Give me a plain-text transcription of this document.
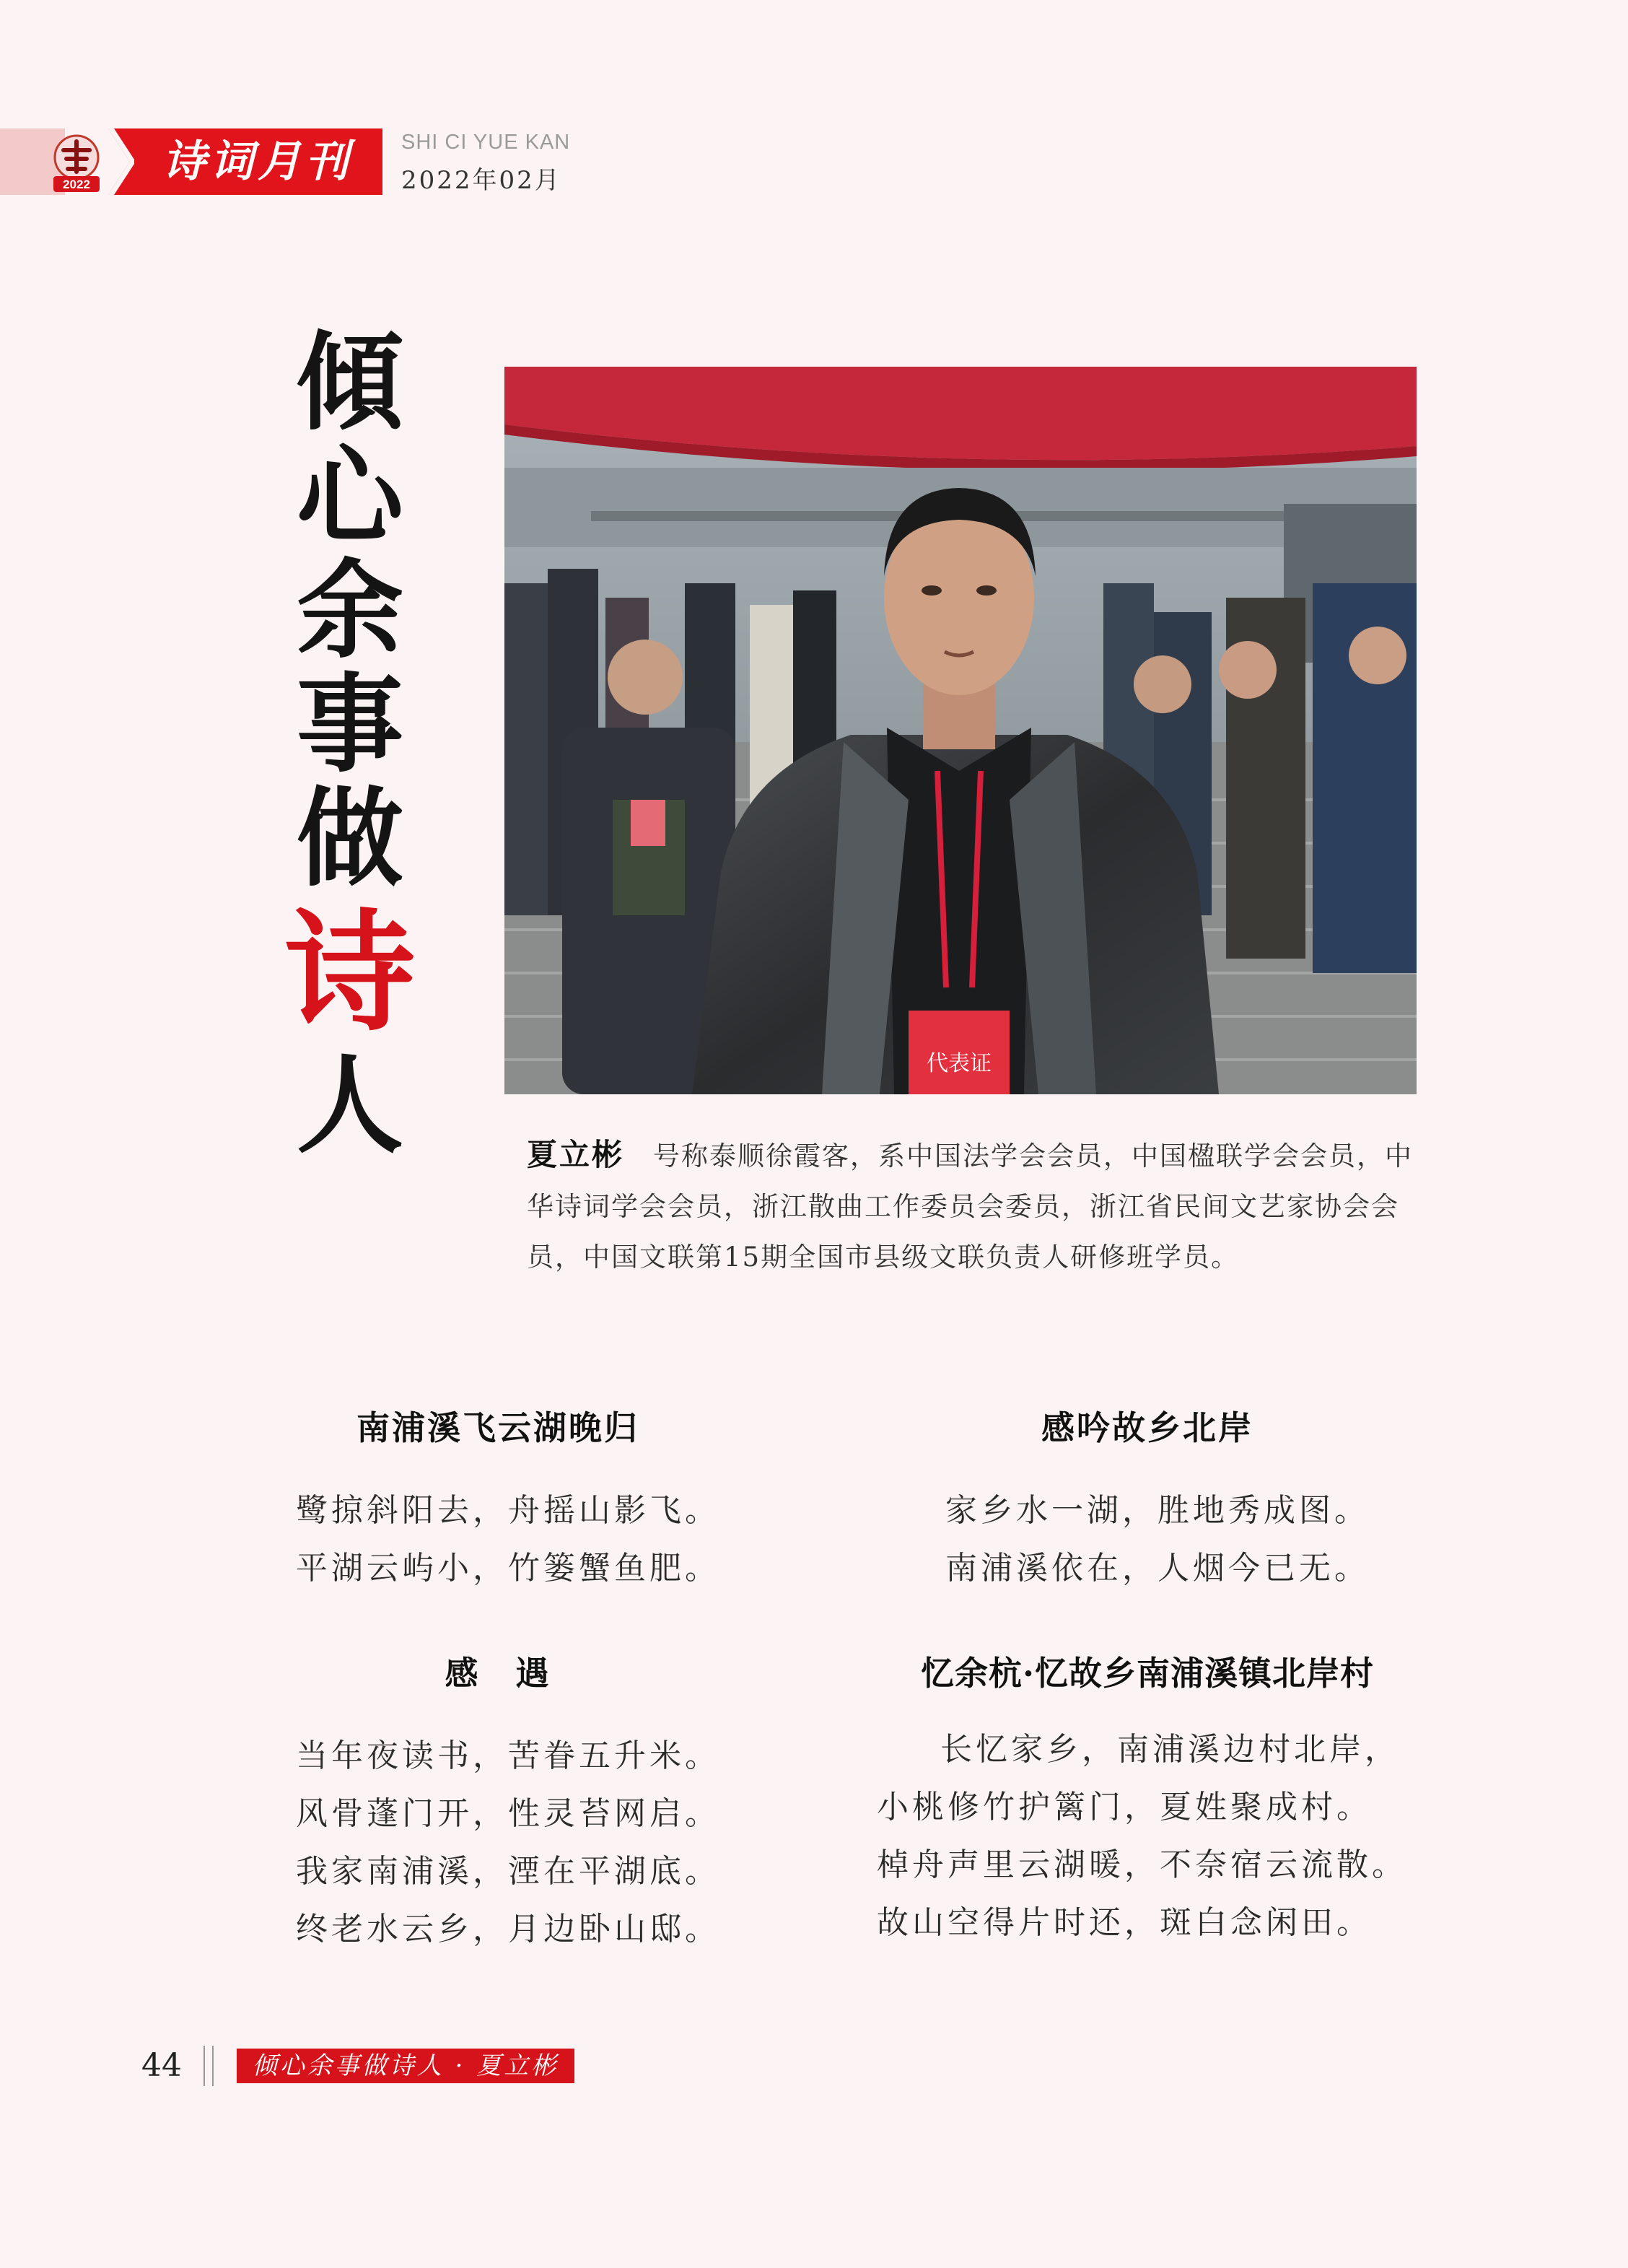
2022 诗词月刊	SHI CI YUE KAN
2022年02月
傾
心
余
事
做
诗
人	代表证
夏立彬 号称泰顺徐霞客，系中国法学会会员，中国楹联学会会员，中华诗词学会会员，浙江散曲工作委员会委员，浙江省民间文艺家协会会员，中国文联第15期全国市县级文联负责人研修班学员。
南浦溪飞云湖晚归
鹭掠斜阳去，舟摇山影飞。
平湖云屿小，竹篓蟹鱼肥。
感　遇
当年夜读书，苦眷五升米。
风骨蓬门开，性灵苔网启。
我家南浦溪，湮在平湖底。
终老水云乡，月边卧山邸。
感吟故乡北岸
家乡水一湖，胜地秀成图。
南浦溪依在，人烟今已无。
忆余杭·忆故乡南浦溪镇北岸村
长忆家乡，南浦溪边村北岸，小桃修竹护篱门，夏姓聚成村。　　棹舟声里云湖暖，不奈宿云流散。故山空得片时还，斑白念闲田。
44	倾心余事做诗人 · 夏立彬
